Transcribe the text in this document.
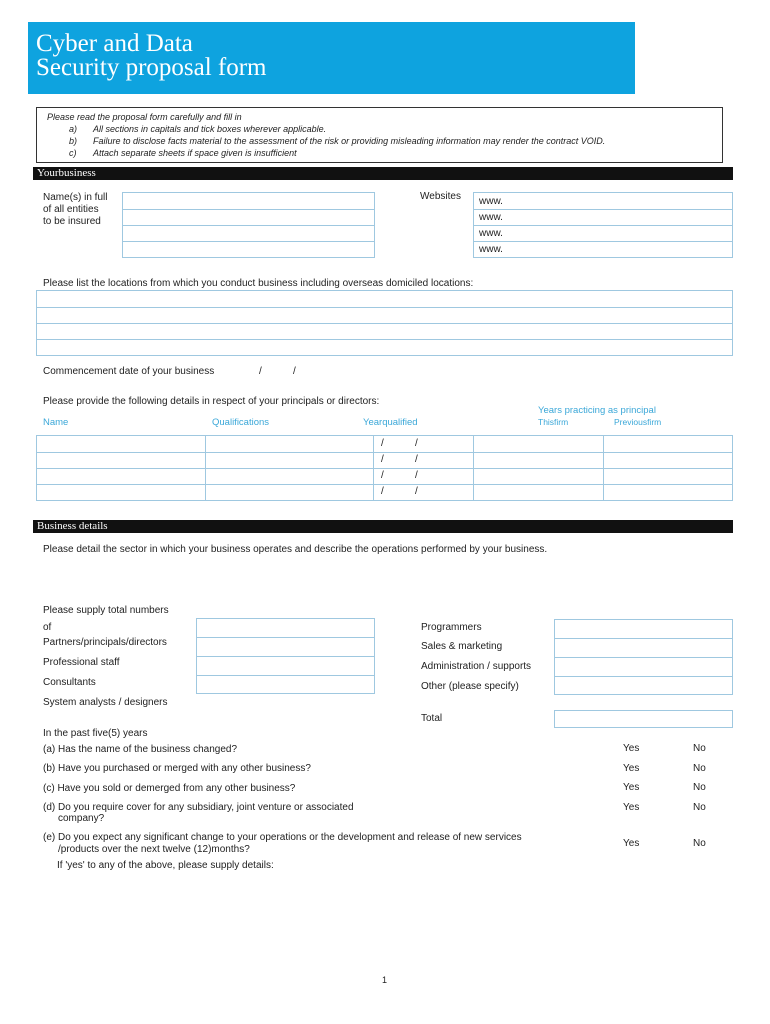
Cyber and Data
Security proposal form
Please read the proposal form carefully and fill in
a) All sections in capitals and tick boxes wherever applicable.
b) Failure to disclose facts material to the assessment of the risk or providing misleading information may render the contract VOID.
c) Attach separate sheets if space given is insufficient
Yourbusiness
Name(s) in full
of all entities
to be insured
Websites www.
www.
www.
www.
Please list the locations from which you conduct business including overseas domiciled locations:
Commencement date of your business	/	/
Please provide the following details in respect of your principals or directors:
Years practicing as principal
Name	Qualifications	Yearqualified	Thisfirm	Previousfirm
/	/
/	/
/	/
/	/
Business details
Please detail the sector in which your business operates and describe the operations performed by your business.
Please supply total numbers
of
Partners/principals/directors
Professional staff
Consultants
System analysts / designers
Programmers
Sales & marketing
Administration / supports
Other (please specify)
Total
In the past five(5) years
(a) Has the name of the business changed?	Yes	No
(b) Have you purchased or merged with any other business?	Yes	No
(c) Have you sold or demerged from any other business?	Yes	No
(d) Do you require cover for any subsidiary, joint venture or associated
company?
Yes	No
(e) Do you expect any significant change to your operations or the development and release of new services
/products over the next twelve (12)months?
Yes	No
If 'yes' to any of the above, please supply details:
1
